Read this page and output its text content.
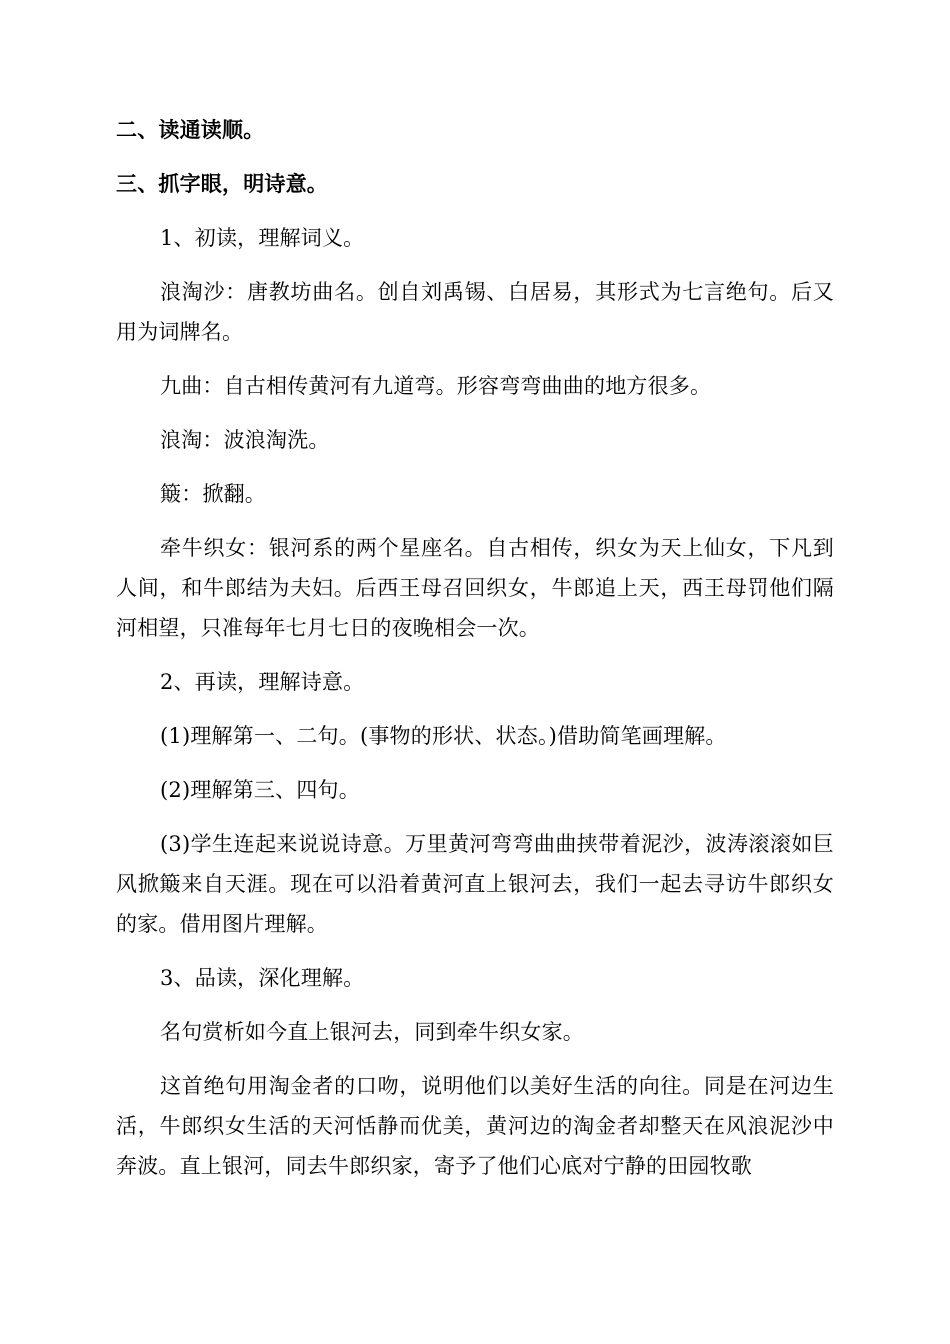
二、读通读顺。

三、抓字眼，明诗意。

1、初读，理解词义。

浪淘沙：唐教坊曲名。创自刘禹锡、白居易，其形式为七言绝句。后又用为词牌名。

九曲：自古相传黄河有九道弯。形容弯弯曲曲的地方很多。

浪淘：波浪淘洗。

簸：掀翻。

牵牛织女：银河系的两个星座名。自古相传，织女为天上仙女，下凡到人间，和牛郎结为夫妇。后西王母召回织女，牛郎追上天，西王母罚他们隔河相望，只准每年七月七日的夜晚相会一次。

2、再读，理解诗意。

(1)理解第一、二句。(事物的形状、状态。)借助简笔画理解。

(2)理解第三、四句。

(3)学生连起来说说诗意。万里黄河弯弯曲曲挟带着泥沙，波涛滚滚如巨风掀簸来自天涯。现在可以沿着黄河直上银河去，我们一起去寻访牛郎织女的家。借用图片理解。

3、品读，深化理解。

名句赏析如今直上银河去，同到牵牛织女家。

这首绝句用淘金者的口吻，说明他们以美好生活的向往。同是在河边生活，牛郎织女生活的天河恬静而优美，黄河边的淘金者却整天在风浪泥沙中奔波。直上银河，同去牛郎织家，寄予了他们心底对宁静的田园牧歌
